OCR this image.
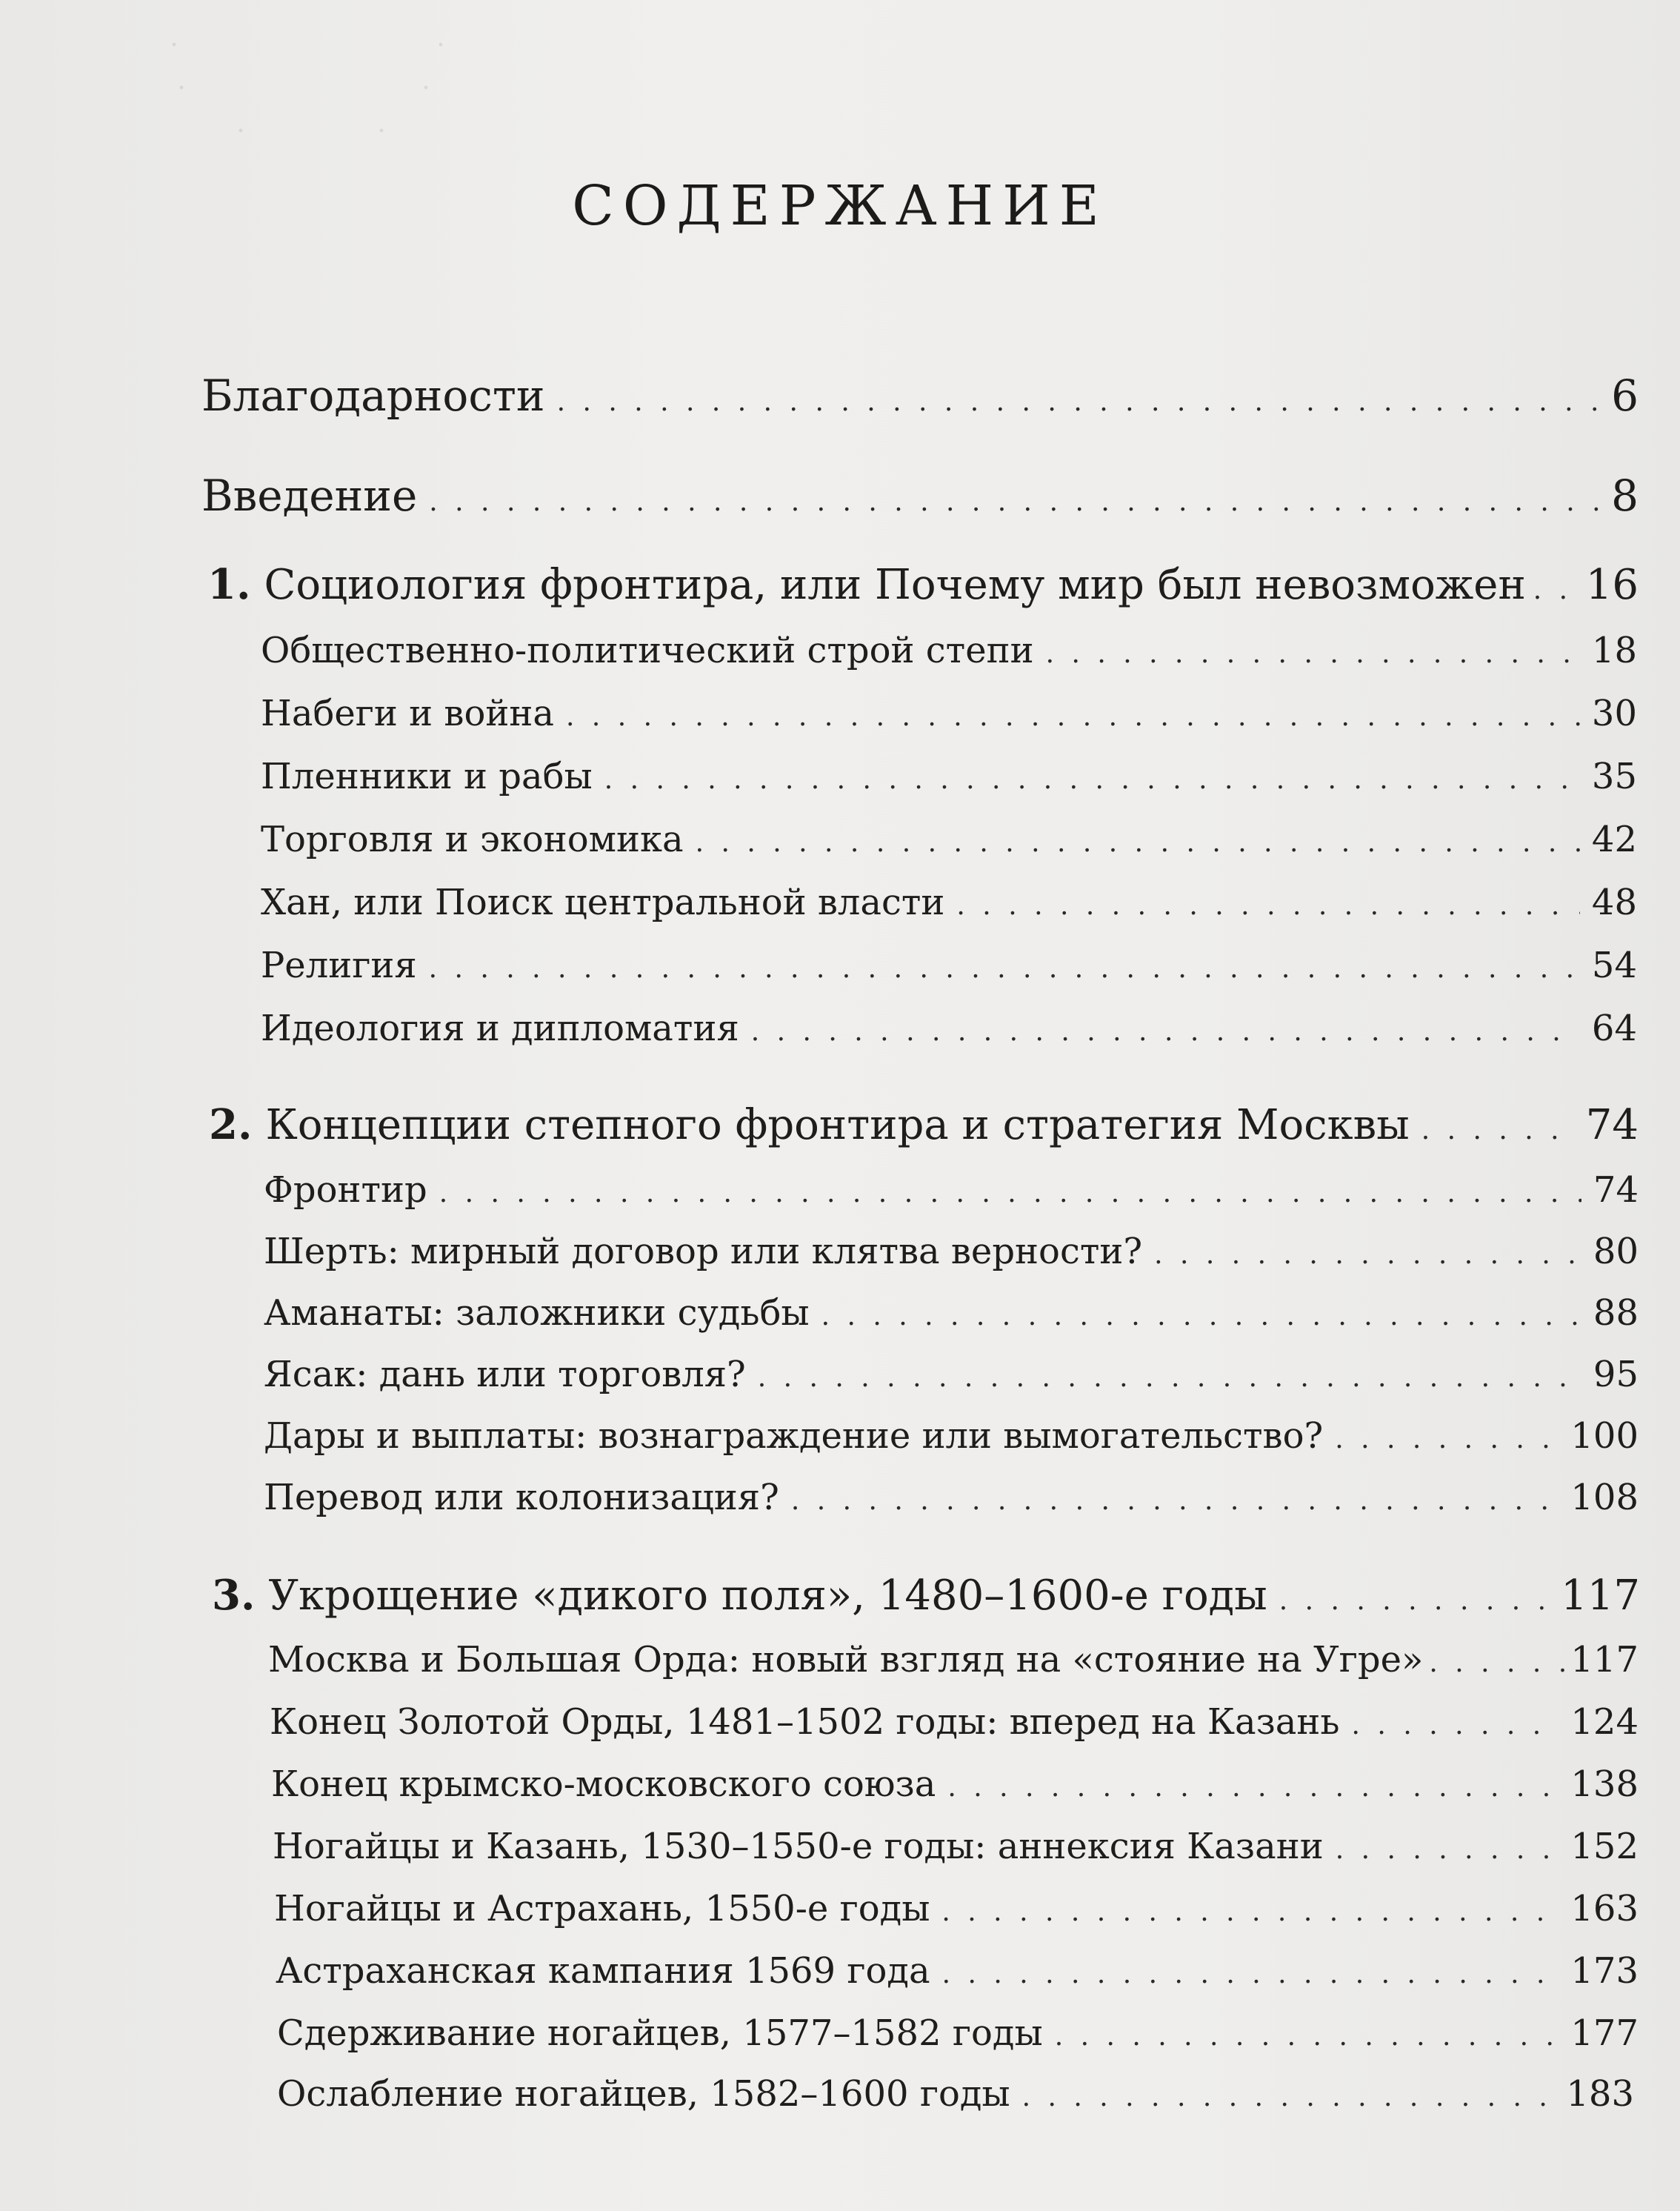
.                                   .
.                                .
.                  .

СОДЕРЖАНИЕ
Благодарности . . .	6
Введение . . .	8
1. Социология фронтира, или Почему мир был невозможен . . . 16
Общественно-политический строй степи . . .	18
Набеги и война . . .	30
Пленники и рабы . . .	35
Торговля и экономика . . .	42
Хан, или Поиск центральной власти . . .	48
Религия . . .	54
Идеология и дипломатия . . .	64
2. Концепции степного фронтира и стратегия Москвы . . .	74
Фронтир . . .	74
Шерть: мирный договор или клятва верности? . . .	80
Аманаты: заложники судьбы . . .	88
Ясак: дань или торговля? . . .	95
Дары и выплаты: вознаграждение или вымогательство? . . .	100
Перевод или колонизация? . . .	108
3. Укрощение «дикого поля», 1480–1600-е годы . . .	117
Москва и Большая Орда: новый взгляд на «стояние на Угре» . . .	117
Конец Золотой Орды, 1481–1502 годы: вперед на Казань . . .	124
Конец крымско-московского союза . . .	138
Ногайцы и Казань, 1530–1550-е годы: аннексия Казани . . .	152
Ногайцы и Астрахань, 1550-е годы . . .	163
Астраханская кампания 1569 года . . .	173
Сдерживание ногайцев, 1577–1582 годы . . .	177
Ослабление ногайцев, 1582–1600 годы . . .	183
